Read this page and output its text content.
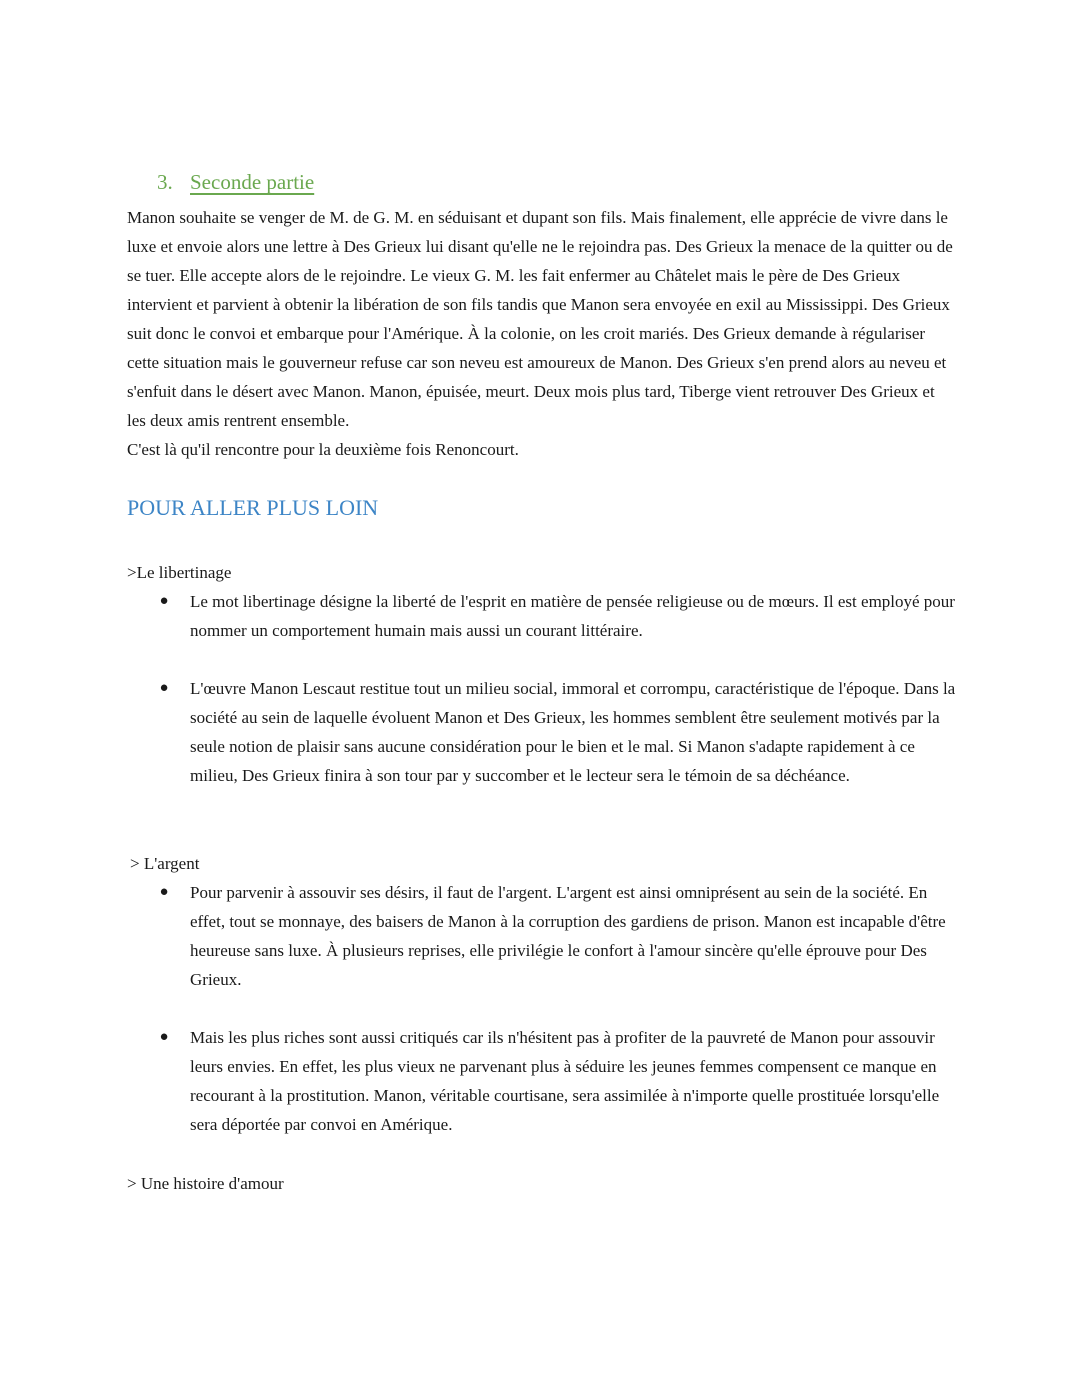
3. Seconde partie

Manon souhaite se venger de M. de G. M. en séduisant et dupant son fils. Mais finalement, elle apprécie de vivre dans le luxe et envoie alors une lettre à Des Grieux lui disant qu'elle ne le rejoindra pas. Des Grieux la menace de la quitter ou de se tuer. Elle accepte alors de le rejoindre. Le vieux G. M. les fait enfermer au Châtelet mais le père de Des Grieux intervient et parvient à obtenir la libération de son fils tandis que Manon sera envoyée en exil au Mississippi. Des Grieux suit donc le convoi et embarque pour l'Amérique. À la colonie, on les croit mariés. Des Grieux demande à régulariser cette situation mais le gouverneur refuse car son neveu est amoureux de Manon. Des Grieux s'en prend alors au neveu et s'enfuit dans le désert avec Manon. Manon, épuisée, meurt. Deux mois plus tard, Tiberge vient retrouver Des Grieux et les deux amis rentrent ensemble.

C'est là qu'il rencontre pour la deuxième fois Renoncourt.

POUR ALLER PLUS LOIN
>Le libertinage
●	Le mot libertinage désigne la liberté de l'esprit en matière de pensée religieuse ou de mœurs. Il est employé pour nommer un comportement humain mais aussi un courant littéraire.
●	L'œuvre Manon Lescaut restitue tout un milieu social, immoral et corrompu, caractéristique de l'époque. Dans la société au sein de laquelle évoluent Manon et Des Grieux, les hommes semblent être seulement motivés par la seule notion de plaisir sans aucune considération pour le bien et le mal. Si Manon s'adapte rapidement à ce milieu, Des Grieux finira à son tour par y succomber et le lecteur sera le témoin de sa déchéance.
> L'argent
●	Pour parvenir à assouvir ses désirs, il faut de l'argent. L'argent est ainsi omniprésent au sein de la société. En effet, tout se monnaye, des baisers de Manon à la corruption des gardiens de prison. Manon est incapable d'être heureuse sans luxe. À plusieurs reprises, elle privilégie le confort à l'amour sincère qu'elle éprouve pour Des Grieux.
●	Mais les plus riches sont aussi critiqués car ils n'hésitent pas à profiter de la pauvreté de Manon pour assouvir leurs envies. En effet, les plus vieux ne parvenant plus à séduire les jeunes femmes compensent ce manque en recourant à la prostitution. Manon, véritable courtisane, sera assimilée à n'importe quelle prostituée lorsqu'elle sera déportée par convoi en Amérique.
> Une histoire d'amour
